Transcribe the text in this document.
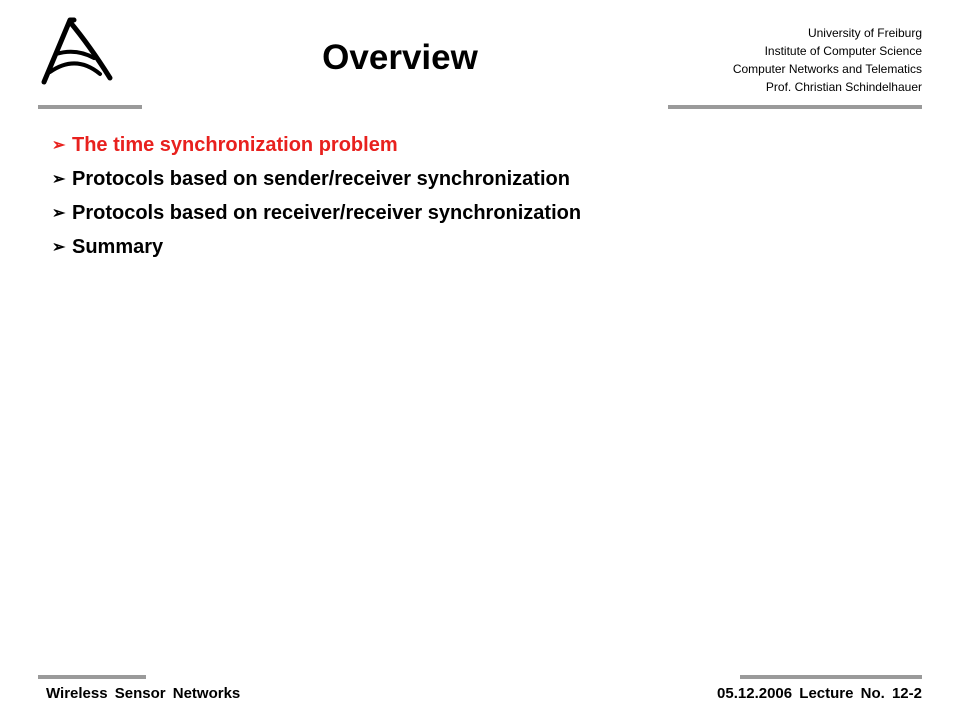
Overview
University of Freiburg
Institute of Computer Science
Computer Networks and Telematics
Prof. Christian Schindelhauer
➢ The time synchronization problem
➢ Protocols based on sender/receiver synchronization
➢ Protocols based on receiver/receiver synchronization
➢ Summary
Wireless Sensor Networks	05.12.2006 Lecture No. 12-2
